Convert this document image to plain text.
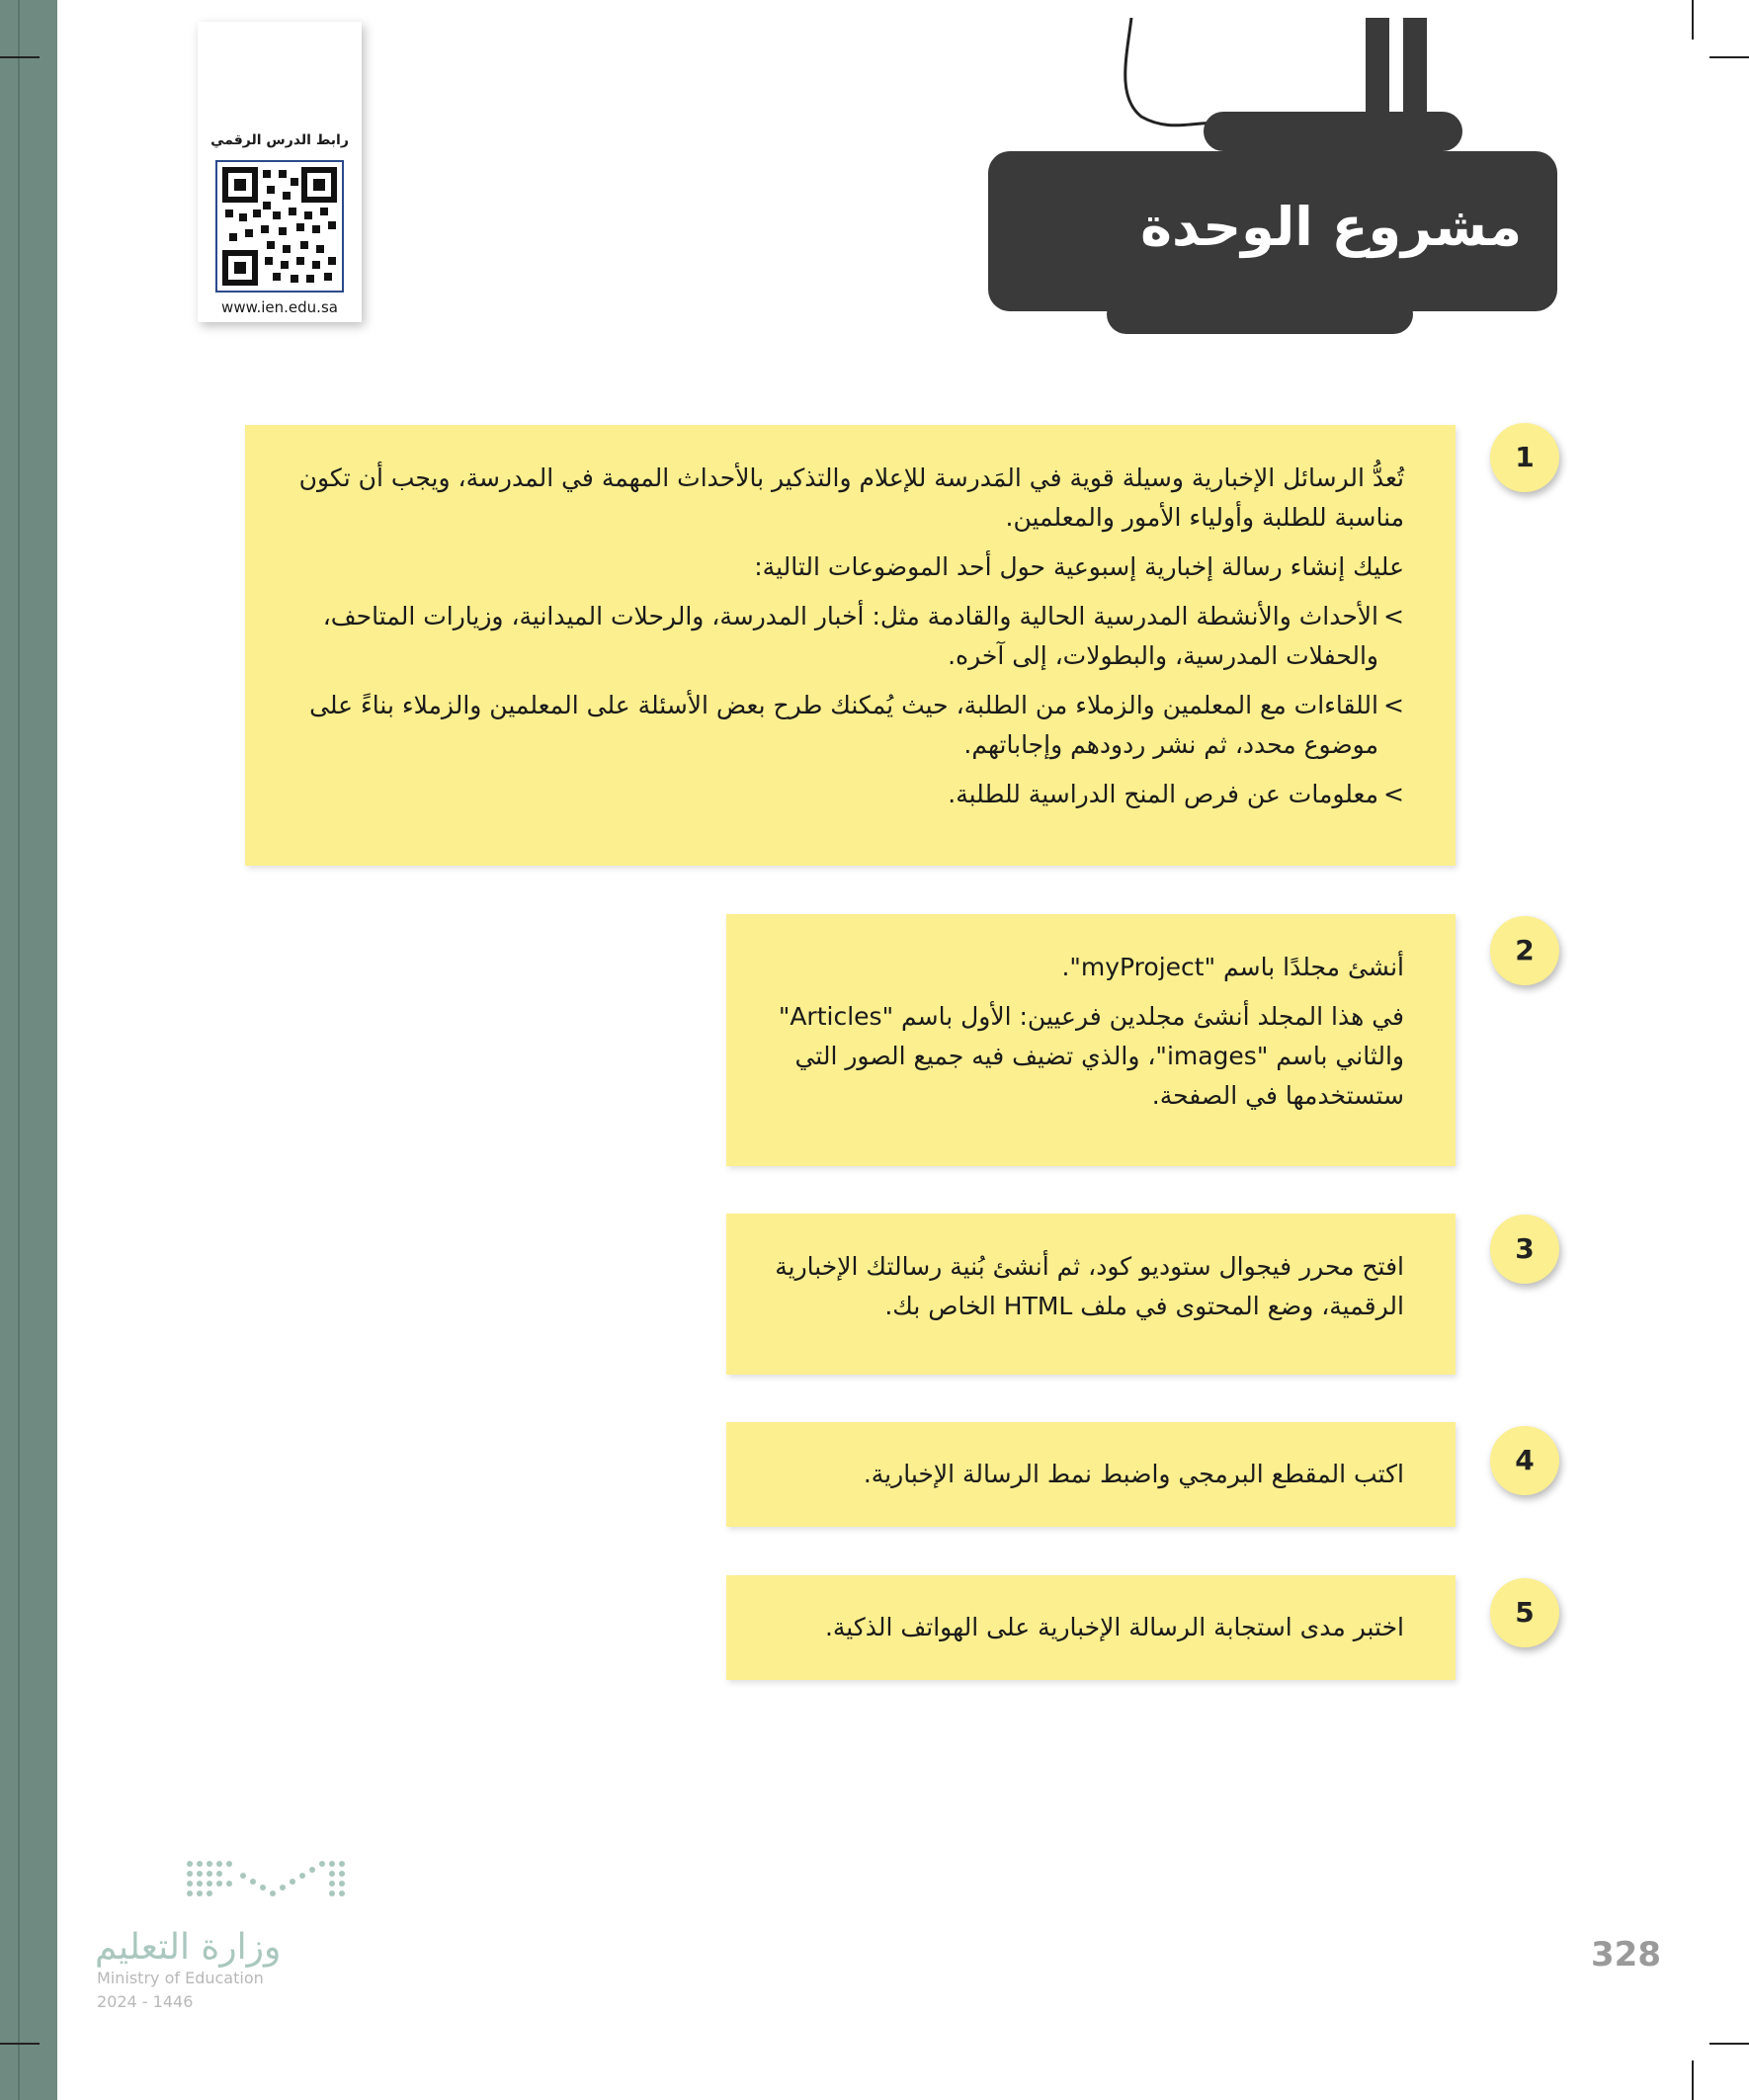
رابط الدرس الرقمي
www.ien.edu.sa
مشروع الوحدة

تُعدُّ الرسائل الإخبارية وسيلة قوية في المَدرسة للإعلام والتذكير بالأحداث المهمة في المدرسة، ويجب أن تكون مناسبة للطلبة وأولياء الأمور والمعلمين.

عليك إنشاء رسالة إخبارية إسبوعية حول أحد الموضوعات التالية:

>
الأحداث والأنشطة المدرسية الحالية والقادمة مثل: أخبار المدرسة، والرحلات الميدانية، وزيارات المتاحف، والحفلات المدرسية، والبطولات، إلى آخره.
>
اللقاءات مع المعلمين والزملاء من الطلبة، حيث يُمكنك طرح بعض الأسئلة على المعلمين والزملاء بناءً على موضوع محدد، ثم نشر ردودهم وإجاباتهم.
>
معلومات عن فرص المنح الدراسية للطلبة.
1

أنشئ مجلدًا باسم "myProject".

في هذا المجلد أنشئ مجلدين فرعيين: الأول باسم "Articles" والثاني باسم "images"، والذي تضيف فيه جميع الصور التي ستستخدمها في الصفحة.

2

افتح محرر فيجوال ستوديو كود، ثم أنشئ بُنية رسالتك الإخبارية الرقمية، وضع المحتوى في ملف HTML الخاص بك.

3

اكتب المقطع البرمجي واضبط نمط الرسالة الإخبارية.	4

اختبر مدى استجابة الرسالة الإخبارية على الهواتف الذكية.	5
وزارة التعليم
Ministry of Education
2024 - 1446
328
